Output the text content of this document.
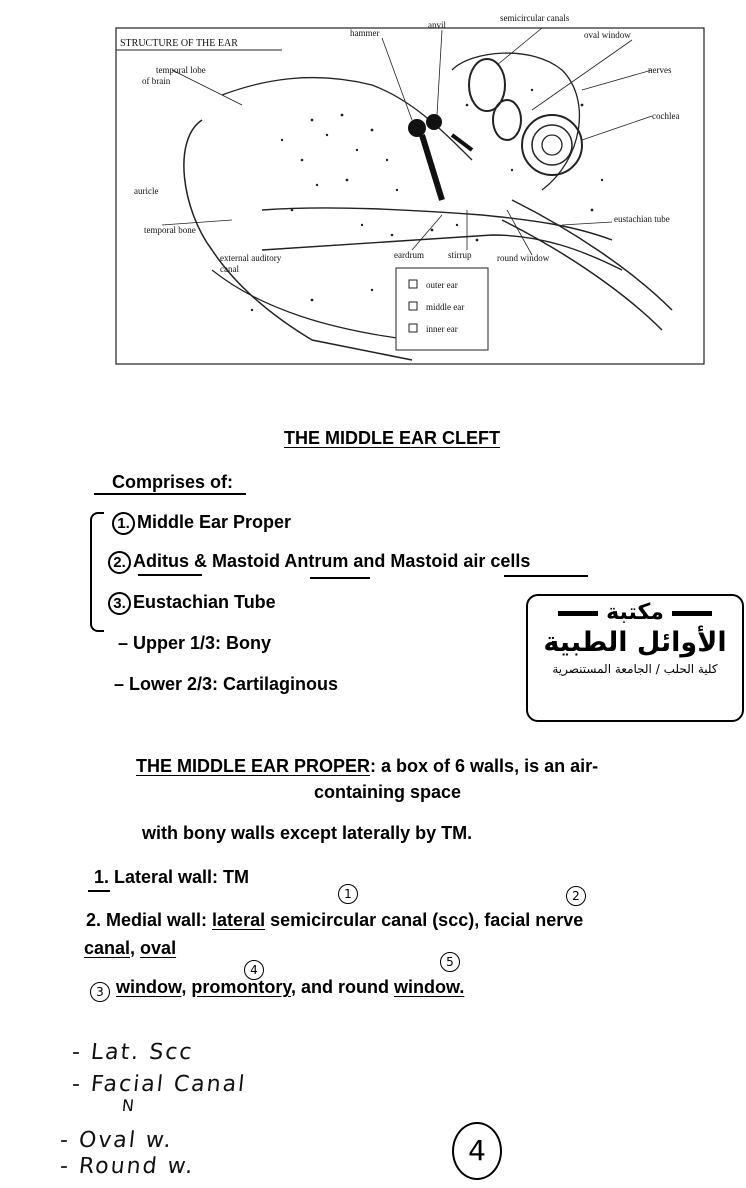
STRUCTURE OF THE EAR
hammer
anvil
semicircular canals
oval window
nerves
cochlea
temporal lobe
of brain
auricle
temporal bone
eustachian tube
external auditory
canal
eardrum	stirrup	round window
outer ear
middle ear
inner ear
THE MIDDLE EAR CLEFT
Comprises of:
1. Middle Ear Proper
2. Aditus & Mastoid Antrum and Mastoid air cells
3. Eustachian Tube
– Upper 1/3: Bony
– Lower 2/3: Cartilaginous
مكتبة
الأوائل الطبية
كلية الحلب / الجامعة المستنصرية
THE MIDDLE EAR PROPER: a box of 6 walls, is an air-
containing space
with bony walls except laterally by TM.
1. Lateral wall: TM
2. Medial wall: lateral semicircular canal (scc), facial nerve
canal, oval
window, promontory, and round window.
1	2
4
5
3
- Lat. Scc
- Facial Canal
N
- Oval w.
- Round w.	4
